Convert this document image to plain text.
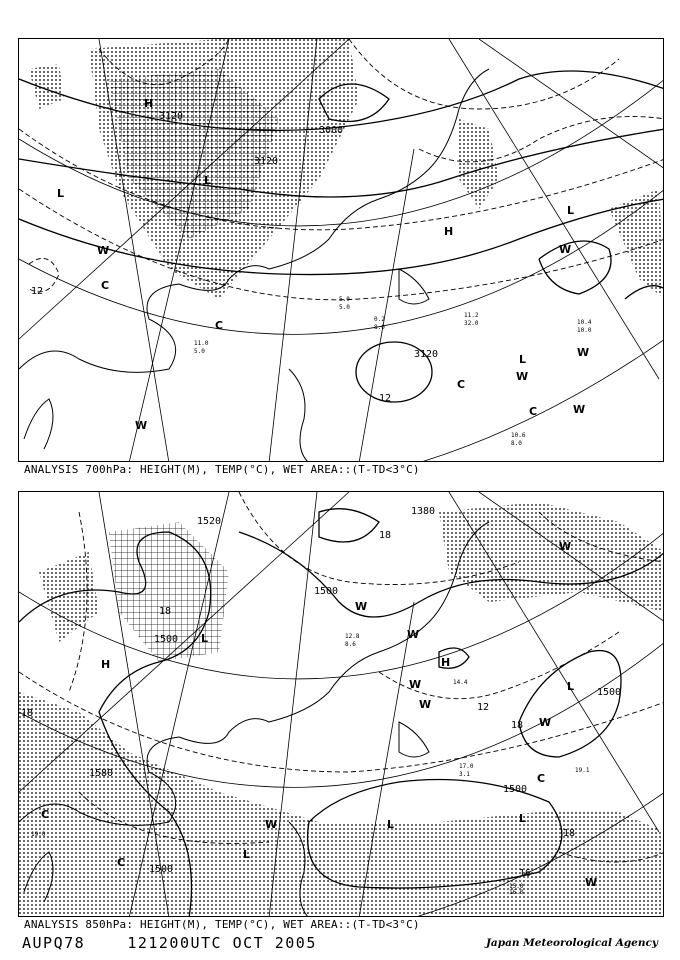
3120
3000
3120
3120
12
12
H
L
L
L
H
L
W
C
W
C
C
W
W
W
C
W
10.6
8.0
11.2
32.0	10.4
10.0
5.0
5.0
0.2
8.0
11.0
5.0
ANALYSIS 700hPa: HEIGHT(M), TEMP(°C), WET AREA::(T-TD<3°C)
1520
1500
1500
1380
1500
1580
1500
1500
18
18
12
18
18
16
18
L
H
L
L
H
L
L
W
W
W
W
C
C
W
W
W
C
W
17.0
3.1
15.0
16.0
19.1
14.4
12.8
8.6
19.0
ANALYSIS 850hPa: HEIGHT(M), TEMP(°C), WET AREA::(T-TD<3°C)
AUPQ78	121200UTC OCT 2005	Japan Meteorological Agency
